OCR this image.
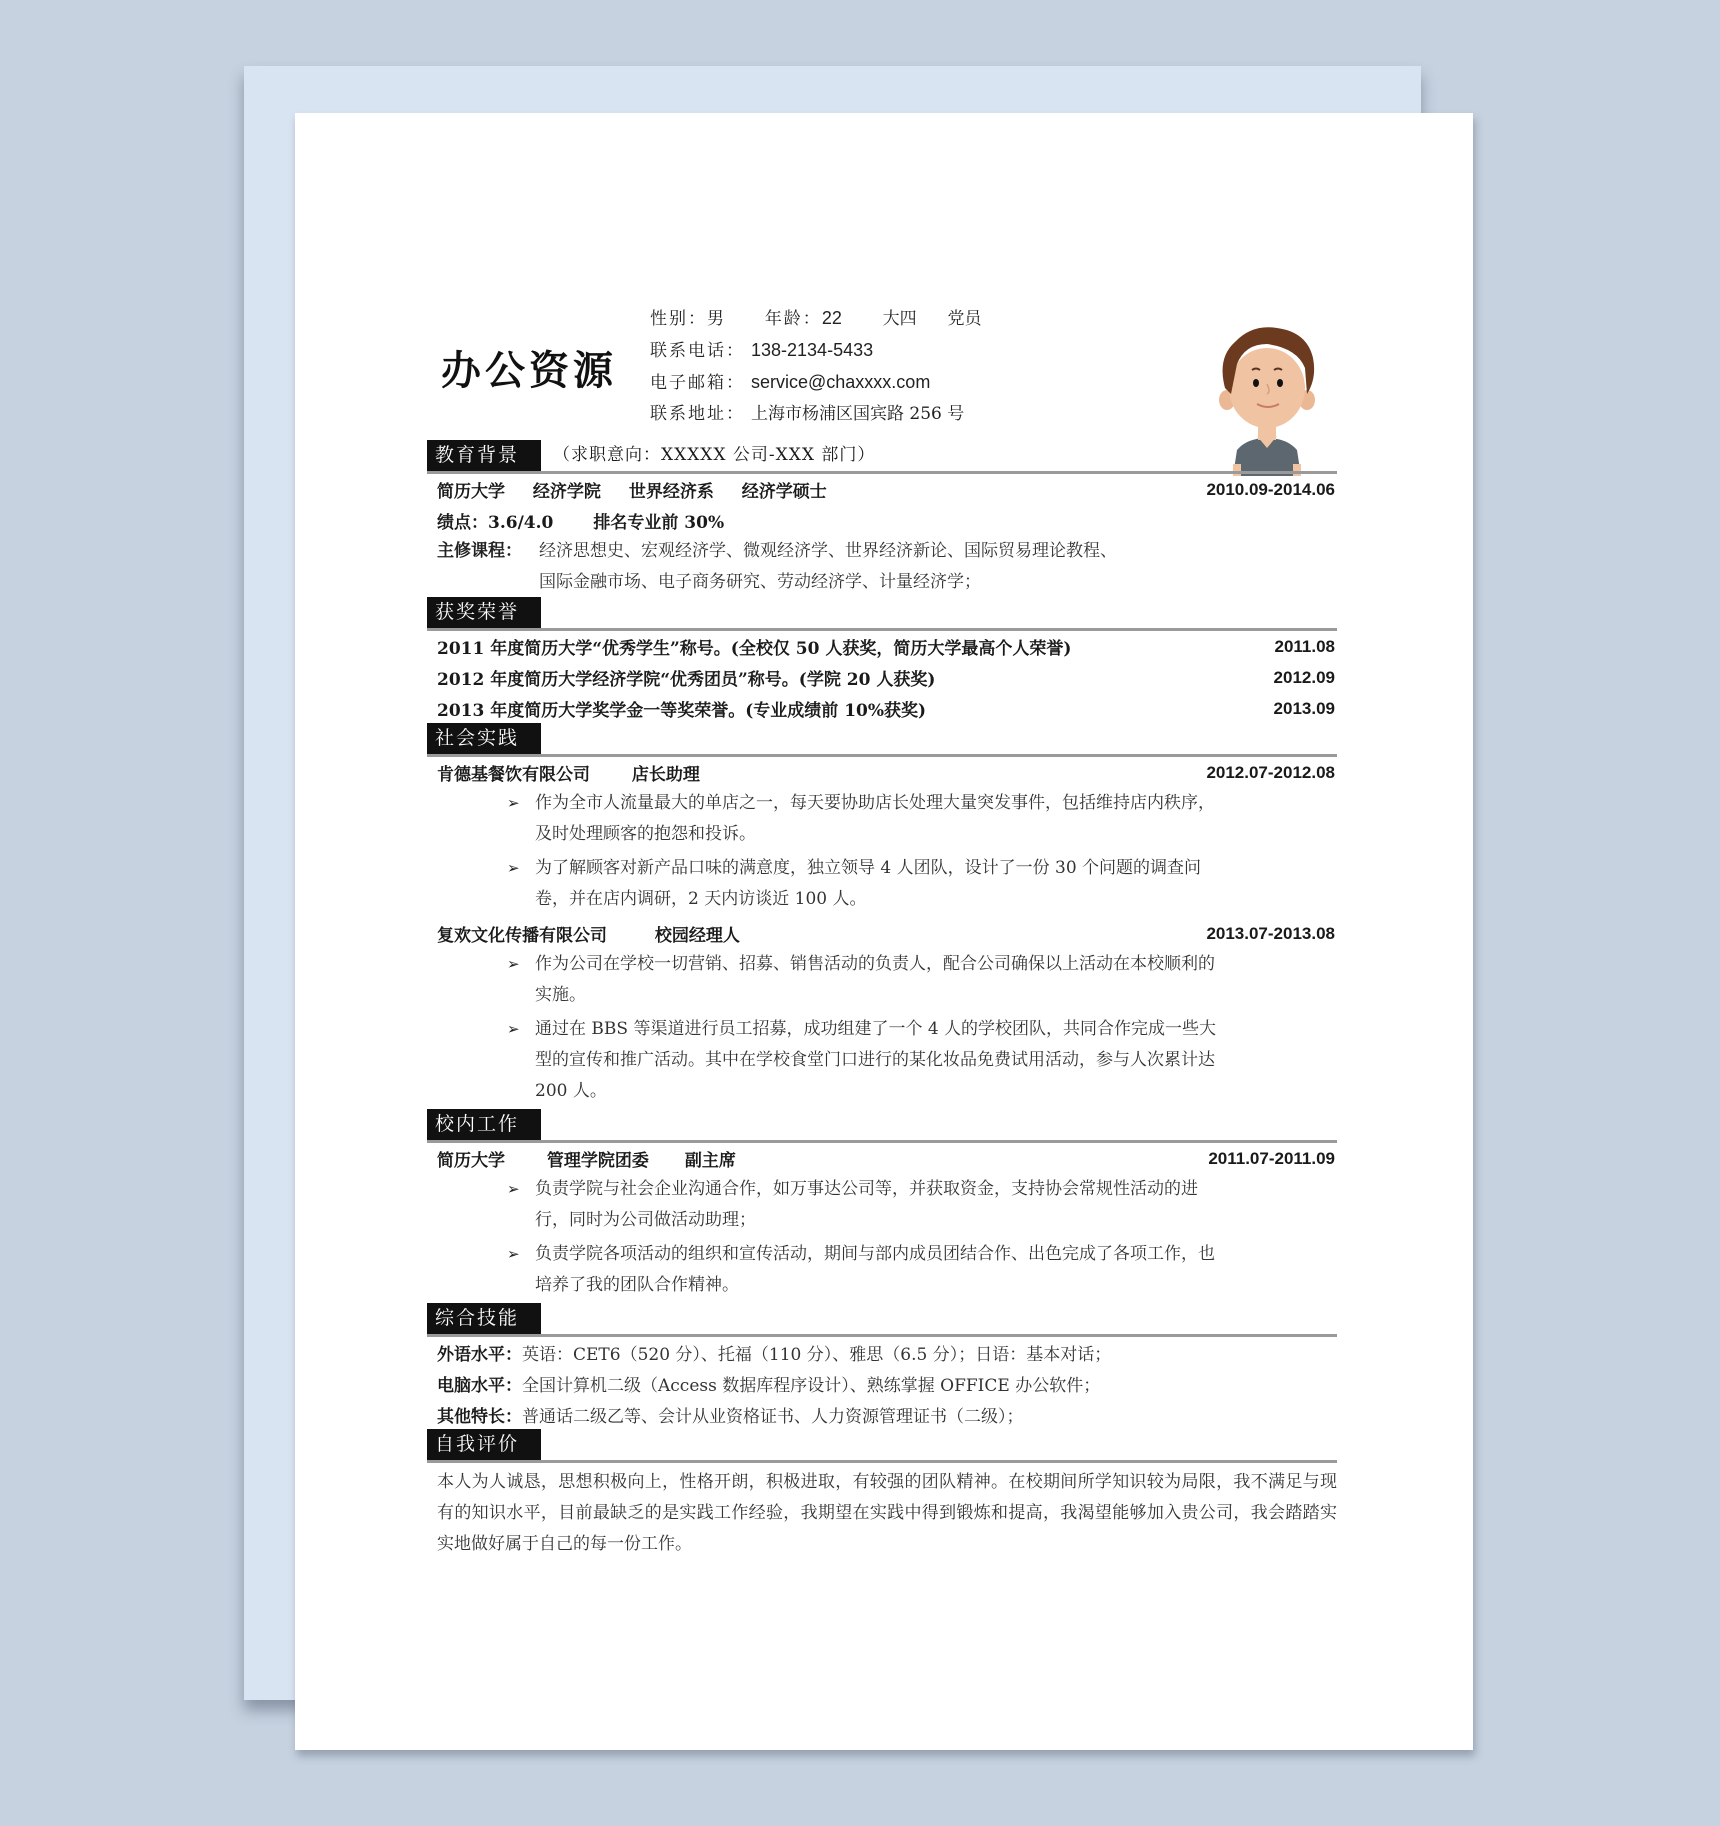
办公资源
性别：男 年龄：22 大四 党员
联系电话： 138-2134-5433
电子邮箱： service@chaxxxx.com
联系地址： 上海市杨浦区国宾路 256 号
教育背景	（求职意向：XXXXX 公司-XXX 部门）
简历大学 经济学院 世界经济系 经济学硕士	2010.09-2014.06
绩点：3.6/4.0 排名专业前 30%
主修课程：	经济思想史、宏观经济学、微观经济学、世界经济新论、国际贸易理论教程、
国际金融市场、电子商务研究、劳动经济学、计量经济学；
获奖荣誉
2011 年度简历大学“优秀学生”称号。(全校仅 50 人获奖，简历大学最高个人荣誉)	2011.08
2012 年度简历大学经济学院“优秀团员”称号。(学院 20 人获奖)	2012.09
2013 年度简历大学奖学金一等奖荣誉。(专业成绩前 10%获奖)	2013.09
社会实践
肯德基餐饮有限公司 店长助理	2012.07-2012.08
➢ 作为全市人流量最大的单店之一，每天要协助店长处理大量突发事件，包括维持店内秩序，及时处理顾客的抱怨和投诉。
➢ 为了解顾客对新产品口味的满意度，独立领导 4 人团队，设计了一份 30 个问题的调查问卷，并在店内调研，2 天内访谈近 100 人。
复欢文化传播有限公司	校园经理人	2013.07-2013.08
➢ 作为公司在学校一切营销、招募、销售活动的负责人，配合公司确保以上活动在本校顺利的实施。
➢ 通过在 BBS 等渠道进行员工招募，成功组建了一个 4 人的学校团队，共同合作完成一些大型的宣传和推广活动。其中在学校食堂门口进行的某化妆品免费试用活动，参与人次累计达 200 人。
校内工作
简历大学 管理学院团委 副主席	2011.07-2011.09
➢ 负责学院与社会企业沟通合作，如万事达公司等，并获取资金，支持协会常规性活动的进行，同时为公司做活动助理；
➢ 负责学院各项活动的组织和宣传活动，期间与部内成员团结合作、出色完成了各项工作，也培养了我的团队合作精神。
综合技能
外语水平： 英语：CET6（520 分）、托福（110 分）、雅思（6.5 分）；日语：基本对话；
电脑水平： 全国计算机二级（Access 数据库程序设计）、熟练掌握 OFFICE 办公软件；
其他特长： 普通话二级乙等、会计从业资格证书、人力资源管理证书（二级）；
自我评价
本人为人诚恳，思想积极向上，性格开朗，积极进取，有较强的团队精神。在校期间所学知识较为局限，我不满足与现有的知识水平，目前最缺乏的是实践工作经验，我期望在实践中得到锻炼和提高，我渴望能够加入贵公司，我会踏踏实实地做好属于自己的每一份工作。
